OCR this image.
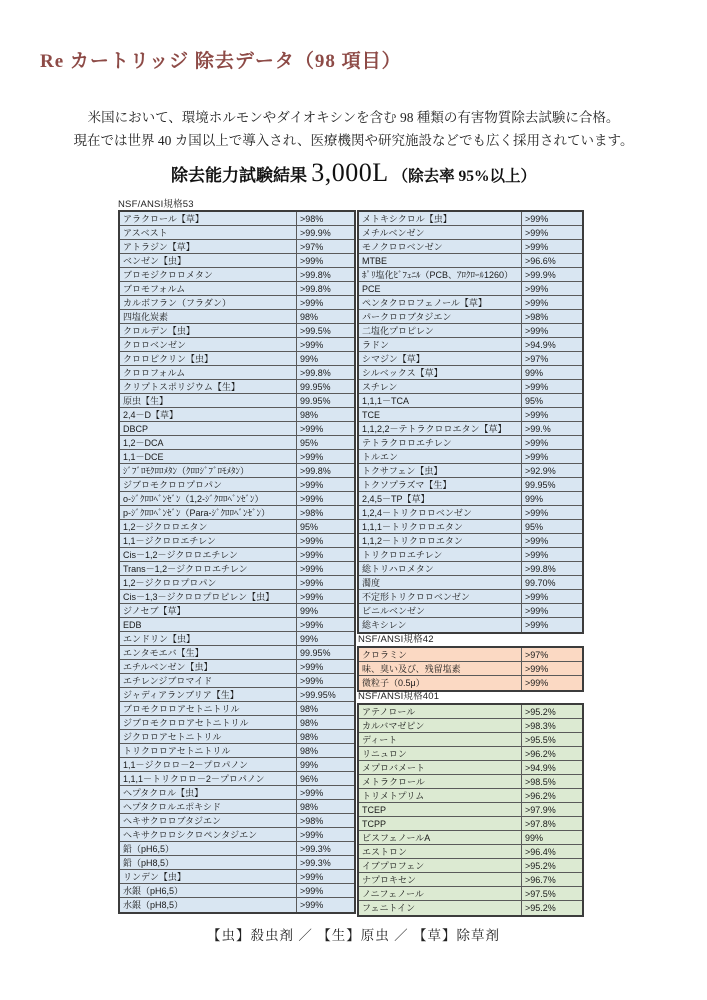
Re カートリッジ 除去データ（98 項目）
米国において、環境ホルモンやダイオキシンを含む 98 種類の有害物質除去試験に合格。
現在では世界 40 カ国以上で導入され、医療機関や研究施設などでも広く採用されています。
除去能力試験結果 3,000L （除去率 95%以上）
NSF/ANSI規格53
アラクロール【草】	>98%
アスベスト	>99.9%
アトラジン【草】	>97%
ベンゼン【虫】	>99%
ブロモジクロロメタン	>99.8%
ブロモフォルム	>99.8%
カルボフラン（フラダン）	>99%
四塩化炭素	98%
クロルデン【虫】	>99.5%
クロロベンゼン	>99%
クロロピクリン【虫】	99%
クロロフォルム	>99.8%
クリプトスポリジウム【生】	99.95%
原虫【生】	99.95%
2,4－D【草】	98%
DBCP	>99%
1,2－DCA	95%
1,1－DCE	>99%
ｼﾞﾌﾞﾛﾓｸﾛﾛﾒﾀﾝ（ｸﾛﾛｼﾞﾌﾞﾛﾓﾒﾀﾝ）	>99.8%
ジブロモクロロプロパン	>99%
o-ｼﾞｸﾛﾛﾍﾞﾝｾﾞﾝ（1,2-ｼﾞｸﾛﾛﾍﾞﾝｾﾞﾝ）	>99%
p-ｼﾞｸﾛﾛﾍﾞﾝｾﾞﾝ（Para-ｼﾞｸﾛﾛﾍﾞﾝｾﾞﾝ）	>98%
1,2－ジクロロエタン	95%
1,1－ジクロロエチレン	>99%
Cis－1,2－ジクロロエチレン	>99%
Trans－1,2－ジクロロエチレン	>99%
1,2－ジクロロプロパン	>99%
Cis－1,3－ジクロロプロピレン【虫】	>99%
ジノセブ【草】	99%
EDB	>99%
エンドリン【虫】	99%
エンタモエバ【生】	99.95%
エチルベンゼン【虫】	>99%
エチレンジブロマイド	>99%
ジャディアランブリア【生】	>99.95%
ブロモクロロアセトニトリル	98%
ジブロモクロロアセトニトリル	98%
ジクロロアセトニトリル	98%
トリクロロアセトニトリル	98%
1,1－ジクロロ－2－プロパノン	99%
1,1,1－トリクロロ－2－プロパノン	96%
ヘプタクロル【虫】	>99%
ヘプタクロルエポキシド	98%
ヘキサクロロブタジエン	>98%
ヘキサクロロシクロペンタジエン	>99%
鉛（pH6,5）	>99.3%
鉛（pH8,5）	>99.3%
リンデン【虫】	>99%
水銀（pH6,5）	>99%
水銀（pH8,5）	>99%
メトキシクロル【虫】	>99%
メチルベンゼン	>99%
モノクロロベンゼン	>99%
MTBE	>96.6%
ﾎﾟﾘ塩化ﾋﾞﾌｪﾆﾙ（PCB、ｱﾛｸﾛｰﾙ1260）	>99.9%
PCE	>99%
ペンタクロロフェノール【草】	>99%
パークロロブタジエン	>98%
二塩化プロピレン	>99%
ラドン	>94.9%
シマジン【草】	>97%
シルベックス【草】	99%
スチレン	>99%
1,1,1－TCA	95%
TCE	>99%
1,1,2,2－テトラクロロエタン【草】	>99.%
テトラクロロエチレン	>99%
トルエン	>99%
トクサフェン【虫】	>92.9%
トクソプラズマ【生】	99.95%
2,4,5－TP【草】	99%
1,2,4－トリクロロベンゼン	>99%
1,1,1－トリクロロエタン	95%
1,1,2－トリクロロエタン	>99%
トリクロロエチレン	>99%
総トリハロメタン	>99.8%
濁度	99.70%
不定形トリクロロベンゼン	>99%
ビニルベンゼン	>99%
総キシレン	>99%
NSF/ANSI規格42
クロラミン	>97%
味、臭い及び、残留塩素	>99%
微粒子（0.5μ）	>99%
NSF/ANSI規格401
アテノロール	>95.2%
カルバマゼピン	>98.3%
ディート	>95.5%
リニュロン	>96.2%
メプロバメート	>94.9%
メトラクロール	>98.5%
トリメトプリム	>96.2%
TCEP	>97.9%
TCPP	>97.8%
ビスフェノールA	99%
エストロン	>96.4%
イブプロフェン	>95.2%
ナプロキセン	>96.7%
ノニフェノール	>97.5%
フェニトイン	>95.2%
【虫】殺虫剤 ／ 【生】原虫 ／ 【草】除草剤
